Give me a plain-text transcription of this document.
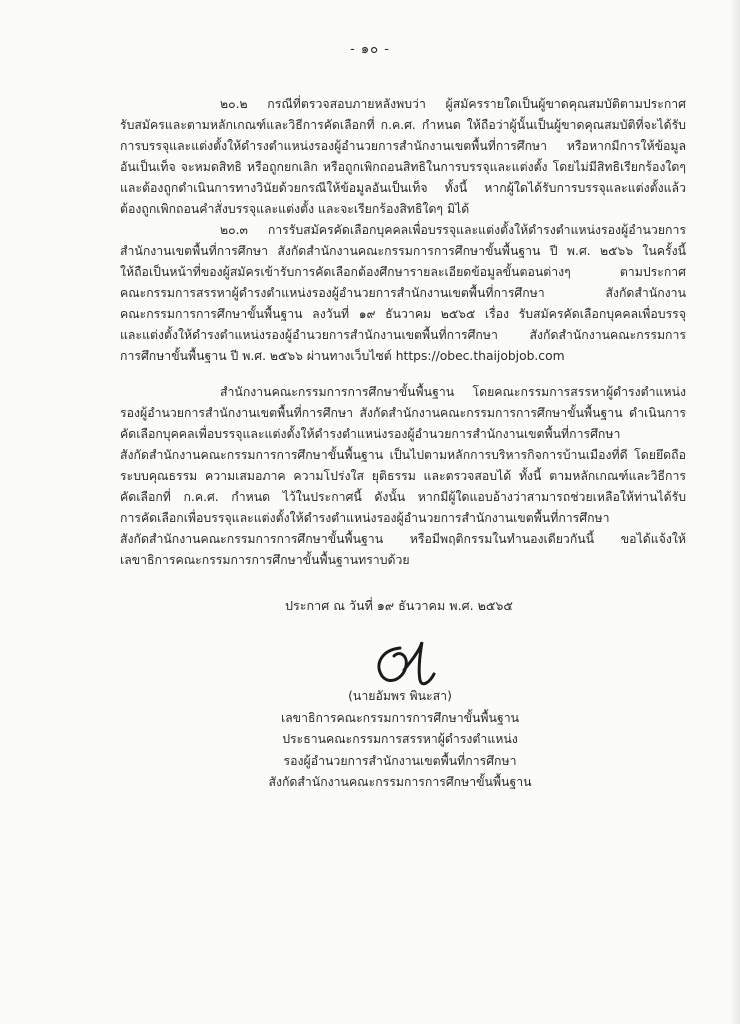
- ๑๐ -
๒๐.๒ กรณีที่ตรวจสอบภายหลังพบว่า ผู้สมัครรายใดเป็นผู้ขาดคุณสมบัติตามประกาศ
รับสมัครและตามหลักเกณฑ์และวิธีการคัดเลือกที่ ก.ค.ศ. กำหนด ให้ถือว่าผู้นั้นเป็นผู้ขาดคุณสมบัติที่จะได้รับ
การบรรจุและแต่งตั้งให้ดำรงตำแหน่งรองผู้อำนวยการสำนักงานเขตพื้นที่การศึกษา หรือหากมีการให้ข้อมูล
อันเป็นเท็จ จะหมดสิทธิ หรือถูกยกเลิก หรือถูกเพิกถอนสิทธิในการบรรจุและแต่งตั้ง โดยไม่มีสิทธิเรียกร้องใดๆ
และต้องถูกดำเนินการทางวินัยด้วยกรณีให้ข้อมูลอันเป็นเท็จ ทั้งนี้ หากผู้ใดได้รับการบรรจุและแต่งตั้งแล้ว
ต้องถูกเพิกถอนคำสั่งบรรจุและแต่งตั้ง และจะเรียกร้องสิทธิใดๆ มิได้
๒๐.๓ การรับสมัครคัดเลือกบุคคลเพื่อบรรจุและแต่งตั้งให้ดำรงตำแหน่งรองผู้อำนวยการ
สำนักงานเขตพื้นที่การศึกษา สังกัดสำนักงานคณะกรรมการการศึกษาขั้นพื้นฐาน ปี พ.ศ. ๒๕๖๖ ในครั้งนี้
ให้ถือเป็นหน้าที่ของผู้สมัครเข้ารับการคัดเลือกต้องศึกษารายละเอียดข้อมูลขั้นตอนต่างๆ ตามประกาศ
คณะกรรมการสรรหาผู้ดำรงตำแหน่งรองผู้อำนวยการสำนักงานเขตพื้นที่การศึกษา สังกัดสำนักงาน
คณะกรรมการการศึกษาขั้นพื้นฐาน ลงวันที่ ๑๙ ธันวาคม ๒๕๖๕ เรื่อง รับสมัครคัดเลือกบุคคลเพื่อบรรจุ
และแต่งตั้งให้ดำรงตำแหน่งรองผู้อำนวยการสำนักงานเขตพื้นที่การศึกษา สังกัดสำนักงานคณะกรรมการ
การศึกษาขั้นพื้นฐาน ปี พ.ศ. ๒๕๖๖ ผ่านทางเว็บไซต์ https://obec.thaijobjob.com
สำนักงานคณะกรรมการการศึกษาขั้นพื้นฐาน โดยคณะกรรมการสรรหาผู้ดำรงตำแหน่ง
รองผู้อำนวยการสำนักงานเขตพื้นที่การศึกษา สังกัดสำนักงานคณะกรรมการการศึกษาขั้นพื้นฐาน ดำเนินการ
คัดเลือกบุคคลเพื่อบรรจุและแต่งตั้งให้ดำรงตำแหน่งรองผู้อำนวยการสำนักงานเขตพื้นที่การศึกษา
สังกัดสำนักงานคณะกรรมการการศึกษาขั้นพื้นฐาน เป็นไปตามหลักการบริหารกิจการบ้านเมืองที่ดี โดยยึดถือ
ระบบคุณธรรม ความเสมอภาค ความโปร่งใส ยุติธรรม และตรวจสอบได้ ทั้งนี้ ตามหลักเกณฑ์และวิธีการ
คัดเลือกที่ ก.ค.ศ. กำหนด ไว้ในประกาศนี้ ดังนั้น หากมีผู้ใดแอบอ้างว่าสามารถช่วยเหลือให้ท่านได้รับ
การคัดเลือกเพื่อบรรจุและแต่งตั้งให้ดำรงตำแหน่งรองผู้อำนวยการสำนักงานเขตพื้นที่การศึกษา
สังกัดสำนักงานคณะกรรมการการศึกษาขั้นพื้นฐาน หรือมีพฤติกรรมในทำนองเดียวกันนี้ ขอได้แจ้งให้
เลขาธิการคณะกรรมการการศึกษาขั้นพื้นฐานทราบด้วย
ประกาศ ณ วันที่ ๑๙ ธันวาคม พ.ศ. ๒๕๖๕
(นายอัมพร พินะสา)
เลขาธิการคณะกรรมการการศึกษาขั้นพื้นฐาน
ประธานคณะกรรมการสรรหาผู้ดำรงตำแหน่ง
รองผู้อำนวยการสำนักงานเขตพื้นที่การศึกษา
สังกัดสำนักงานคณะกรรมการการศึกษาขั้นพื้นฐาน
